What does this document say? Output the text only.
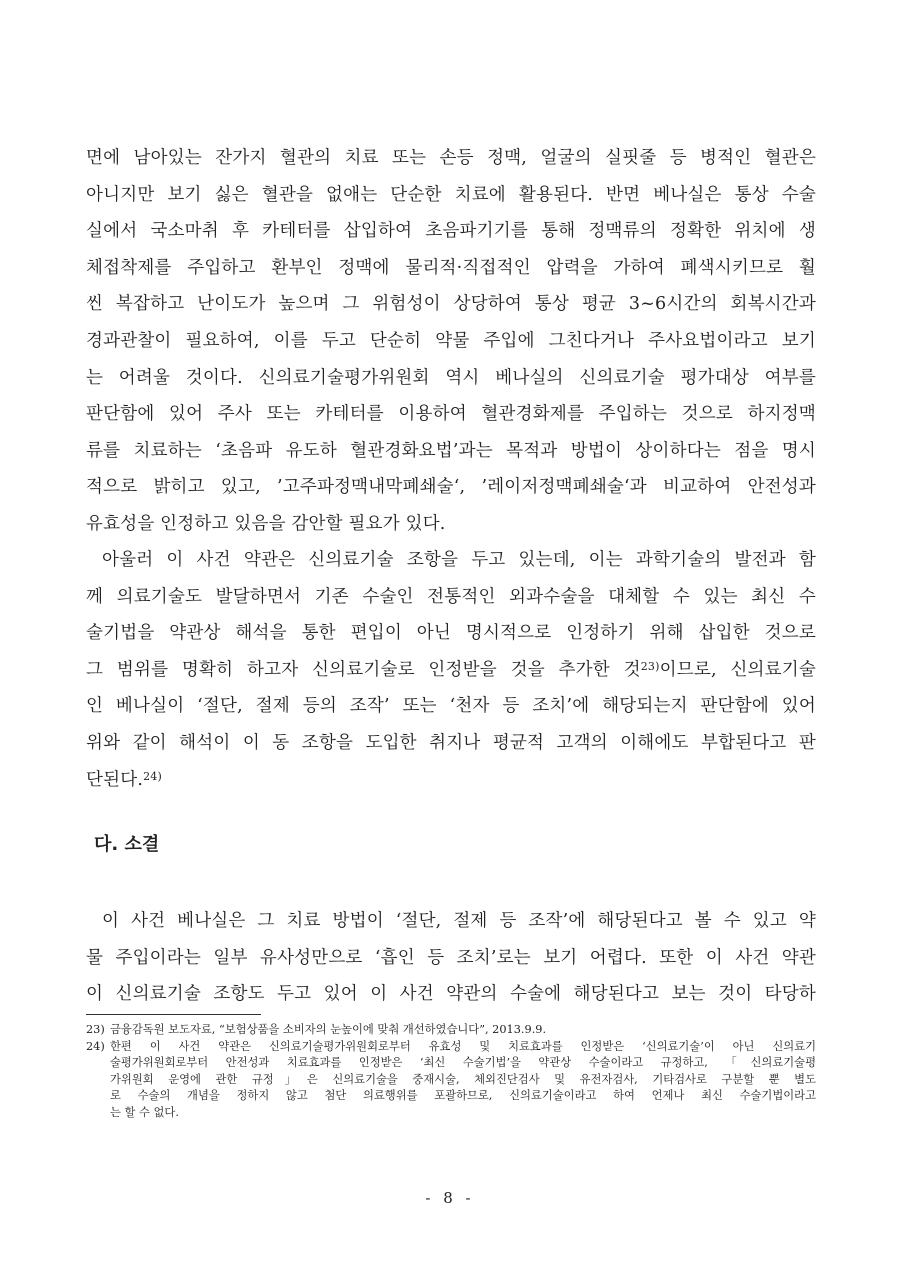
면에 남아있는 잔가지 혈관의 치료 또는 손등 정맥, 얼굴의 실핏줄 등 병적인 혈관은
아니지만 보기 싫은 혈관을 없애는 단순한 치료에 활용된다. 반면 베나실은 통상 수술
실에서 국소마취 후 카테터를 삽입하여 초음파기기를 통해 정맥류의 정확한 위치에 생
체접착제를 주입하고 환부인 정맥에 물리적·직접적인 압력을 가하여 폐색시키므로 훨
씬 복잡하고 난이도가 높으며 그 위험성이 상당하여 통상 평균 3~6시간의 회복시간과
경과관찰이 필요하여, 이를 두고 단순히 약물 주입에 그친다거나 주사요법이라고 보기
는 어려울 것이다. 신의료기술평가위원회 역시 베나실의 신의료기술 평가대상 여부를
판단함에 있어 주사 또는 카테터를 이용하여 혈관경화제를 주입하는 것으로 하지정맥
류를 치료하는 ‘초음파 유도하 혈관경화요법’과는 목적과 방법이 상이하다는 점을 명시
적으로 밝히고 있고, ’고주파정맥내막폐쇄술‘, ’레이저정맥폐쇄술‘과 비교하여 안전성과
유효성을 인정하고 있음을 감안할 필요가 있다.
아울러 이 사건 약관은 신의료기술 조항을 두고 있는데, 이는 과학기술의 발전과 함
께 의료기술도 발달하면서 기존 수술인 전통적인 외과수술을 대체할 수 있는 최신 수
술기법을 약관상 해석을 통한 편입이 아닌 명시적으로 인정하기 위해 삽입한 것으로
그 범위를 명확히 하고자 신의료기술로 인정받을 것을 추가한 것$^{23)}$이므로, 신의료기술
인 베나실이 ‘절단, 절제 등의 조작’ 또는 ‘천자 등 조치’에 해당되는지 판단함에 있어
위와 같이 해석이 이 동 조항을 도입한 취지나 평균적 고객의 이해에도 부합된다고 판
단된다.$^{24)}$
다. 소결
이 사건 베나실은 그 치료 방법이 ‘절단, 절제 등 조작’에 해당된다고 볼 수 있고 약
물 주입이라는 일부 유사성만으로 ‘흡인 등 조치’로는 보기 어렵다. 또한 이 사건 약관
이 신의료기술 조항도 두고 있어 이 사건 약관의 수술에 해당된다고 보는 것이 타당하
23) 금융감독원 보도자료, “보험상품을 소비자의 눈높이에 맞춰 개선하였습니다”, 2013.9.9.
24) 한편 이 사건 약관은 신의료기술평가위원회로부터 유효성 및 치료효과를 인정받은 ‘신의료기술’이 아닌 신의료기
술평가위원회로부터 안전성과 치료효과를 인정받은 ‘최신 수술기법’을 약관상 수술이라고 규정하고, 「신의료기술평
가위원회 운영에 관한 규정」은 신의료기술을 중재시술, 체외진단검사 및 유전자검사, 기타검사로 구분할 뿐 별도
로 수술의 개념을 정하지 않고 첨단 의료행위를 포괄하므로, 신의료기술이라고 하여 언제나 최신 수술기법이라고
는 할 수 없다.
- 8 -
